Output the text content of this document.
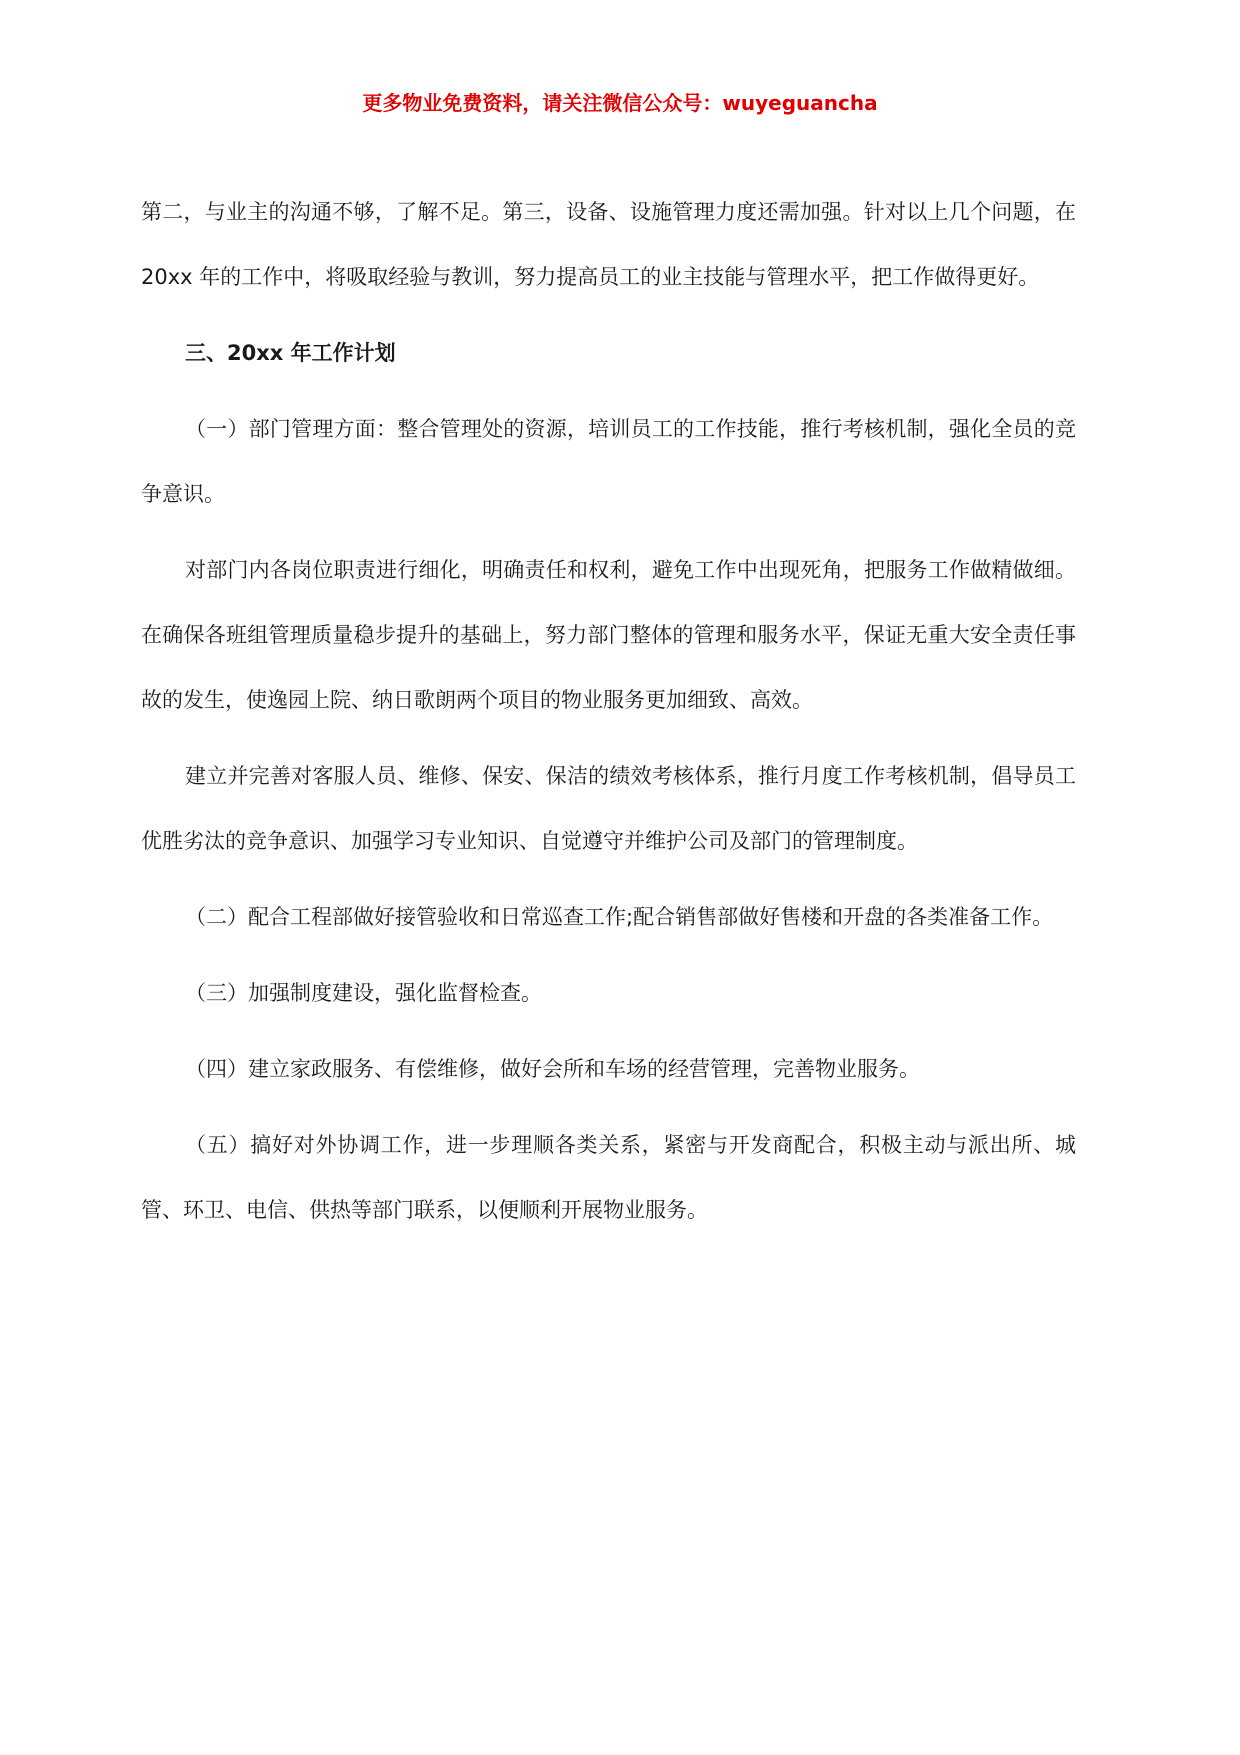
更多物业免费资料，请关注微信公众号：wuyeguancha

第二，与业主的沟通不够，了解不足。第三，设备、设施管理力度还需加强。针对以上几个问题，在 20xx 年的工作中，将吸取经验与教训，努力提高员工的业主技能与管理水平，把工作做得更好。

三、20xx 年工作计划

（一）部门管理方面：整合管理处的资源，培训员工的工作技能，推行考核机制，强化全员的竞争意识。

对部门内各岗位职责进行细化，明确责任和权利，避免工作中出现死角，把服务工作做精做细。在确保各班组管理质量稳步提升的基础上，努力部门整体的管理和服务水平，保证无重大安全责任事故的发生，使逸园上院、纳日歌朗两个项目的物业服务更加细致、高效。

建立并完善对客服人员、维修、保安、保洁的绩效考核体系，推行月度工作考核机制，倡导员工优胜劣汰的竞争意识、加强学习专业知识、自觉遵守并维护公司及部门的管理制度。

（二）配合工程部做好接管验收和日常巡查工作;配合销售部做好售楼和开盘的各类准备工作。

（三）加强制度建设，强化监督检查。

（四）建立家政服务、有偿维修，做好会所和车场的经营管理，完善物业服务。

（五）搞好对外协调工作，进一步理顺各类关系，紧密与开发商配合，积极主动与派出所、城管、环卫、电信、供热等部门联系，以便顺利开展物业服务。
